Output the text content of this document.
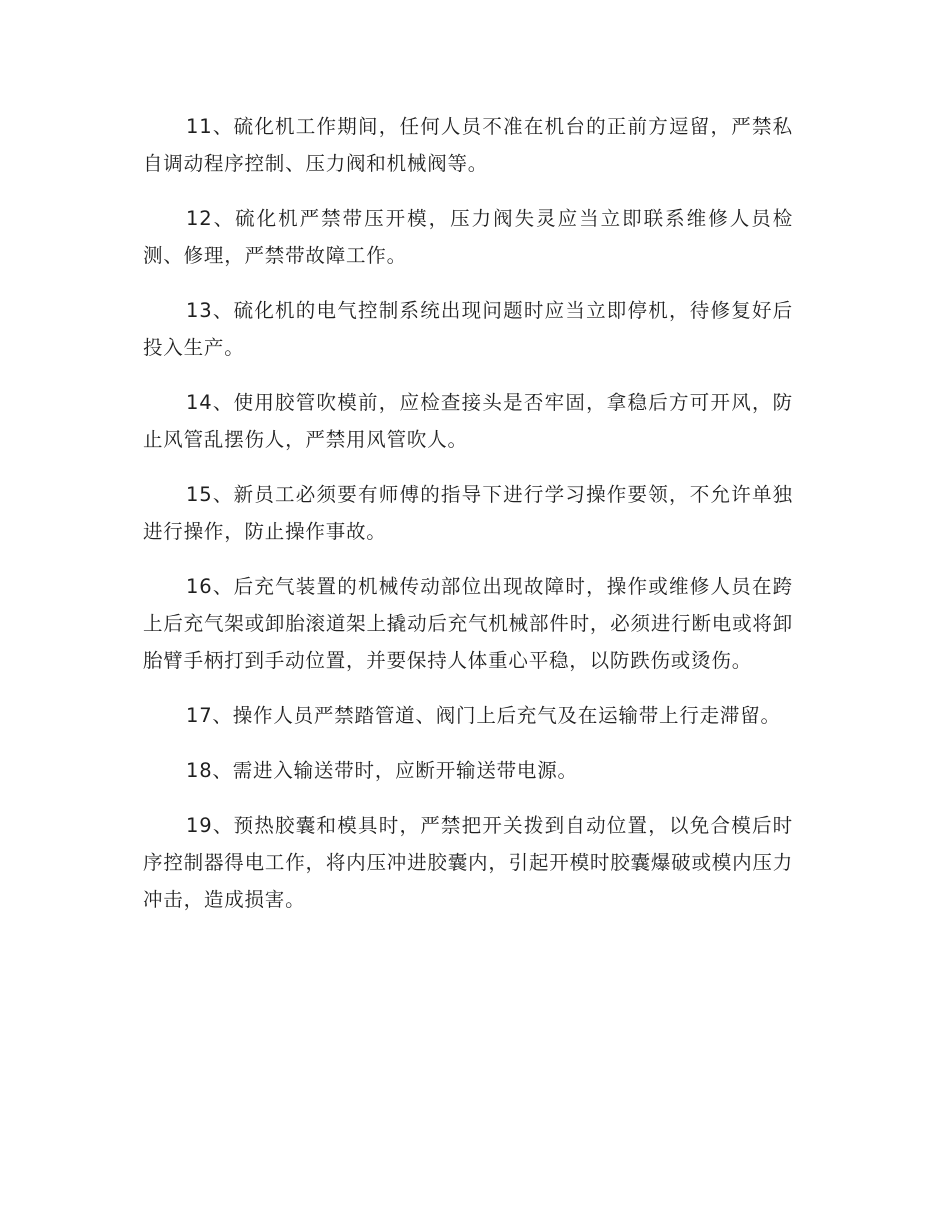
11、硫化机工作期间，任何人员不准在机台的正前方逗留，严禁私自调动程序控制、压力阀和机械阀等。

12、硫化机严禁带压开模，压力阀失灵应当立即联系维修人员检测、修理，严禁带故障工作。

13、硫化机的电气控制系统出现问题时应当立即停机，待修复好后投入生产。

14、使用胶管吹模前，应检查接头是否牢固，拿稳后方可开风，防止风管乱摆伤人，严禁用风管吹人。

15、新员工必须要有师傅的指导下进行学习操作要领，不允许单独进行操作，防止操作事故。

16、后充气装置的机械传动部位出现故障时，操作或维修人员在跨上后充气架或卸胎滚道架上撬动后充气机械部件时，必须进行断电或将卸胎臂手柄打到手动位置，并要保持人体重心平稳，以防跌伤或烫伤。

17、操作人员严禁踏管道、阀门上后充气及在运输带上行走滞留。

18、需进入输送带时，应断开输送带电源。

19、预热胶囊和模具时，严禁把开关拨到自动位置，以免合模后时序控制器得电工作，将内压冲进胶囊内，引起开模时胶囊爆破或模内压力冲击，造成损害。
